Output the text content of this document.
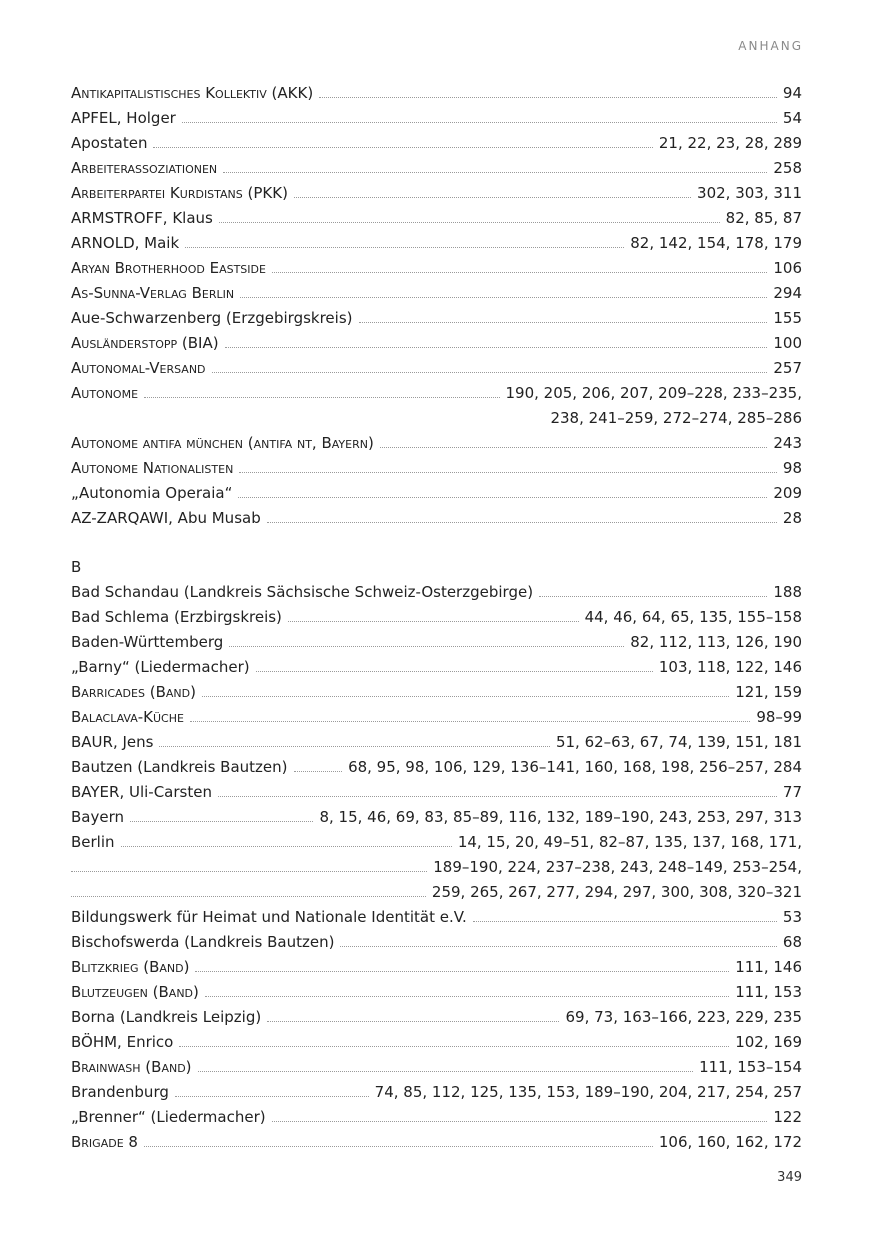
ANHANG
Antikapitalistisches Kollektiv (AKK)	94
APFEL, Holger	54
Apostaten	21, 22, 23, 28, 289
Arbeiterassoziationen	258
Arbeiterpartei Kurdistans (PKK)	302, 303, 311
ARMSTROFF, Klaus	82, 85, 87
ARNOLD, Maik	82, 142, 154, 178, 179
Aryan Brotherhood Eastside	106
As-Sunna-Verlag Berlin	294
Aue-Schwarzenberg (Erzgebirgskreis)	155
Ausländerstopp (BIA)	100
Autonomal-Versand	257
Autonome	190, 205, 206, 207, 209–228, 233–235,
238, 241–259, 272–274, 285–286
Autonome antifa münchen (antifa nt, Bayern)	243
Autonome Nationalisten	98
„Autonomia Operaia“	209
AZ-ZARQAWI, Abu Musab	28
B
Bad Schandau (Landkreis Sächsische Schweiz-Osterzgebirge)	188
Bad Schlema (Erzbirgskreis)	44, 46, 64, 65, 135, 155–158
Baden-Württemberg	82, 112, 113, 126, 190
„Barny“ (Liedermacher)	103, 118, 122, 146
Barricades (Band)	121, 159
Balaclava-Küche	98–99
BAUR, Jens	51, 62–63, 67, 74, 139, 151, 181
Bautzen (Landkreis Bautzen)	68, 95, 98, 106, 129, 136–141, 160, 168, 198, 256–257, 284
BAYER, Uli-Carsten	77
Bayern	8, 15, 46, 69, 83, 85–89, 116, 132, 189–190, 243, 253, 297, 313
Berlin	14, 15, 20, 49–51, 82–87, 135, 137, 168, 171,
189–190, 224, 237–238, 243, 248–149, 253–254,
259, 265, 267, 277, 294, 297, 300, 308, 320–321
Bildungswerk für Heimat und Nationale Identität e.V.	53
Bischofswerda (Landkreis Bautzen)	68
Blitzkrieg (Band)	111, 146
Blutzeugen (Band)	111, 153
Borna (Landkreis Leipzig)	69, 73, 163–166, 223, 229, 235
BÖHM, Enrico	102, 169
Brainwash (Band)	111, 153–154
Brandenburg	74, 85, 112, 125, 135, 153, 189–190, 204, 217, 254, 257
„Brenner“ (Liedermacher)	122
Brigade 8	106, 160, 162, 172
349
